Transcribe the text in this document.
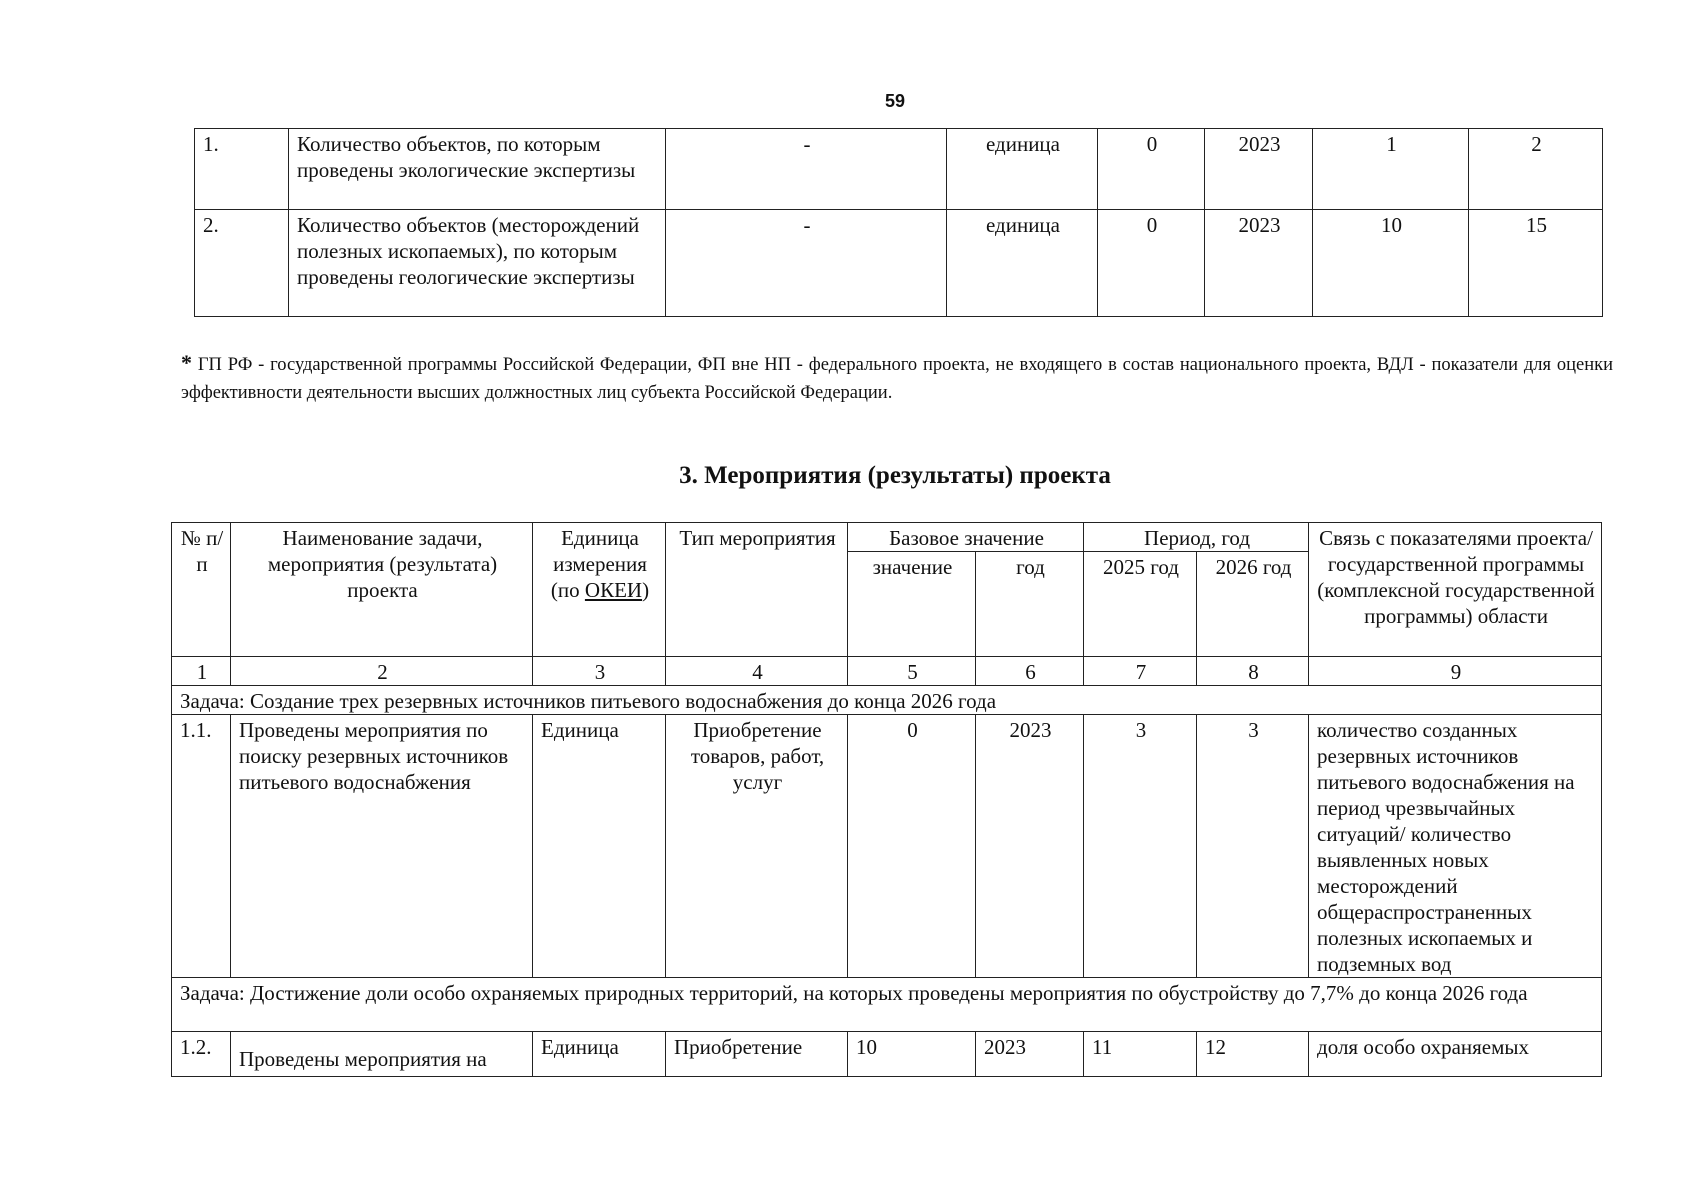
59
1.	Количество объектов, по которым проведены экологические экспертизы	-	единица	0	2023	1	2
2.	Количество объектов (месторождений полезных ископаемых), по которым проведены геологические экспертизы	-	единица	0	2023	10	15
* ГП РФ - государственной программы Российской Федерации, ФП вне НП - федерального проекта, не входящего в состав национального проекта, ВДЛ - показатели для оценки эффективности деятельности высших должностных лиц субъекта Российской Федерации.
3. Мероприятия (результаты) проекта
№ п/п	Наименование задачи, мероприятия (результата) проекта	Единица измерения (по ОКЕИ)	Тип мероприятия	Базовое значение		Период, год		Связь с показателями проекта/государственной программы (комплексной государственной программы) области
				значение	год	2025 год	2026 год	
1	2	3	4	5	6	7	8	9
Задача: Создание трех резервных источников питьевого водоснабжения до конца 2026 года								
1.1.	Проведены мероприятия по поиску резервных источников питьевого водоснабжения	Единица	Приобретение товаров, работ, услуг	0	2023	3	3	количество созданных резервных источников питьевого водоснабжения на период чрезвычайных ситуаций/ количество выявленных новых месторождений общераспространенных полезных ископаемых и подземных вод
Задача: Достижение доли особо охраняемых природных территорий, на которых проведены мероприятия по обустройству до 7,7% до конца 2026 года								
1.2.	Проведены мероприятия на	Единица	Приобретение	10	2023	11	12	доля особо охраняемых
